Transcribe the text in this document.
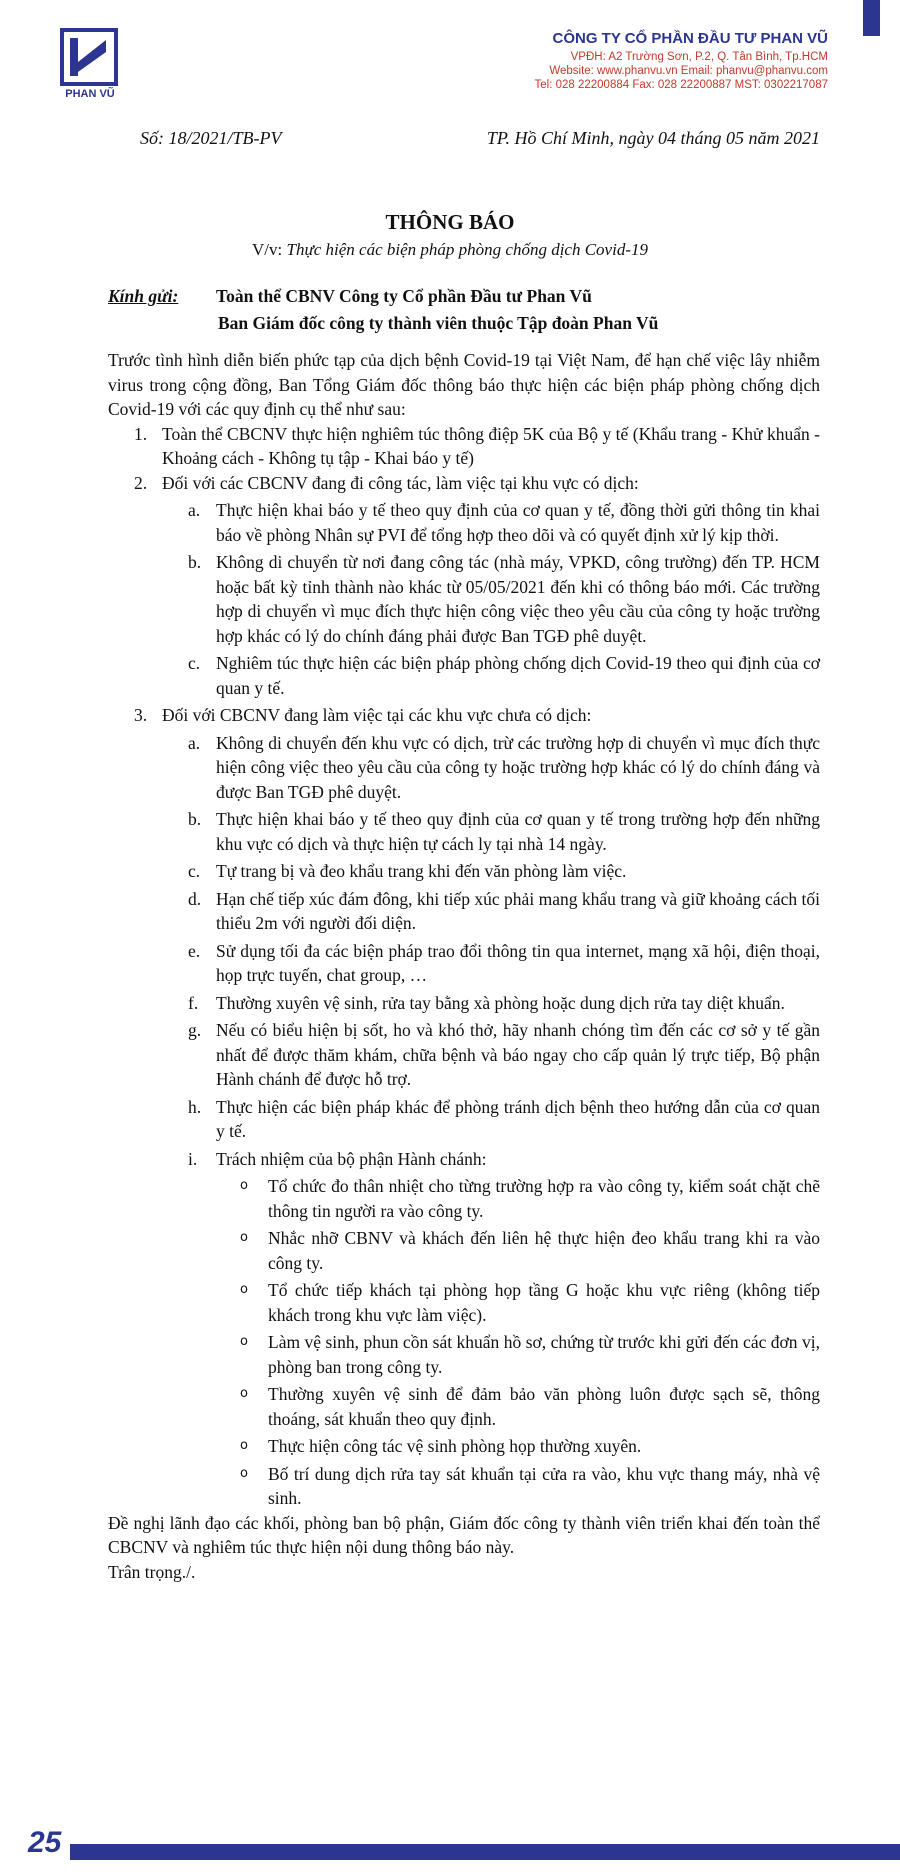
PHAN VŨ
CÔNG TY CỔ PHẦN ĐẦU TƯ PHAN VŨ
VPĐH: A2 Trường Sơn, P.2, Q. Tân Bình, Tp.HCM
Website: www.phanvu.vn Email: phanvu@phanvu.com
Tel: 028 22200884 Fax: 028 22200887 MST: 0302217087
Số: 18/2021/TB-PV	TP. Hồ Chí Minh, ngày 04 tháng 05 năm 2021
THÔNG BÁO
V/v: Thực hiện các biện pháp phòng chống dịch Covid-19
Kính gửi: Toàn thể CBNV Công ty Cổ phần Đầu tư Phan Vũ
Ban Giám đốc công ty thành viên thuộc Tập đoàn Phan Vũ

Trước tình hình diễn biến phức tạp của dịch bệnh Covid-19 tại Việt Nam, để hạn chế việc lây nhiễm virus trong cộng đồng, Ban Tổng Giám đốc thông báo thực hiện các biện pháp phòng chống dịch Covid-19 với các quy định cụ thể như sau:

1. Toàn thể CBCNV thực hiện nghiêm túc thông điệp 5K của Bộ y tế (Khẩu trang - Khử khuẩn - Khoảng cách - Không tụ tập - Khai báo y tế)
2. Đối với các CBCNV đang đi công tác, làm việc tại khu vực có dịch:
a. Thực hiện khai báo y tế theo quy định của cơ quan y tế, đồng thời gửi thông tin khai báo về phòng Nhân sự PVI để tổng hợp theo dõi và có quyết định xử lý kịp thời.
b. Không di chuyển từ nơi đang công tác (nhà máy, VPKD, công trường) đến TP. HCM hoặc bất kỳ tỉnh thành nào khác từ 05/05/2021 đến khi có thông báo mới. Các trường hợp di chuyển vì mục đích thực hiện công việc theo yêu cầu của công ty hoặc trường hợp khác có lý do chính đáng phải được Ban TGĐ phê duyệt.
c. Nghiêm túc thực hiện các biện pháp phòng chống dịch Covid-19 theo qui định của cơ quan y tế.
3. Đối với CBCNV đang làm việc tại các khu vực chưa có dịch:
a. Không di chuyển đến khu vực có dịch, trừ các trường hợp di chuyển vì mục đích thực hiện công việc theo yêu cầu của công ty hoặc trường hợp khác có lý do chính đáng và được Ban TGĐ phê duyệt.
b. Thực hiện khai báo y tế theo quy định của cơ quan y tế trong trường hợp đến những khu vực có dịch và thực hiện tự cách ly tại nhà 14 ngày.
c. Tự trang bị và đeo khẩu trang khi đến văn phòng làm việc.
d. Hạn chế tiếp xúc đám đông, khi tiếp xúc phải mang khẩu trang và giữ khoảng cách tối thiểu 2m với người đối diện.
e. Sử dụng tối đa các biện pháp trao đổi thông tin qua internet, mạng xã hội, điện thoại, họp trực tuyến, chat group, …
f.	Thường xuyên vệ sinh, rửa tay bằng xà phòng hoặc dung dịch rửa tay diệt khuẩn.
g. Nếu có biểu hiện bị sốt, ho và khó thở, hãy nhanh chóng tìm đến các cơ sở y tế gần nhất để được thăm khám, chữa bệnh và báo ngay cho cấp quản lý trực tiếp, Bộ phận Hành chánh để được hỗ trợ.
h. Thực hiện các biện pháp khác để phòng tránh dịch bệnh theo hướng dẫn của cơ quan y tế.
i.	Trách nhiệm của bộ phận Hành chánh:
o	Tổ chức đo thân nhiệt cho từng trường hợp ra vào công ty, kiểm soát chặt chẽ thông tin người ra vào công ty.
o	Nhắc nhỡ CBNV và khách đến liên hệ thực hiện đeo khẩu trang khi ra vào công ty.
o	Tổ chức tiếp khách tại phòng họp tầng G hoặc khu vực riêng (không tiếp khách trong khu vực làm việc).
o	Làm vệ sinh, phun cồn sát khuẩn hồ sơ, chứng từ trước khi gửi đến các đơn vị, phòng ban trong công ty.
o	Thường xuyên vệ sinh để đảm bảo văn phòng luôn được sạch sẽ, thông thoáng, sát khuẩn theo quy định.
o	Thực hiện công tác vệ sinh phòng họp thường xuyên.
o	Bố trí dung dịch rửa tay sát khuẩn tại cửa ra vào, khu vực thang máy, nhà vệ sinh.

Đề nghị lãnh đạo các khối, phòng ban bộ phận, Giám đốc công ty thành viên triển khai đến toàn thể CBCNV và nghiêm túc thực hiện nội dung thông báo này.

Trân trọng./.

25
